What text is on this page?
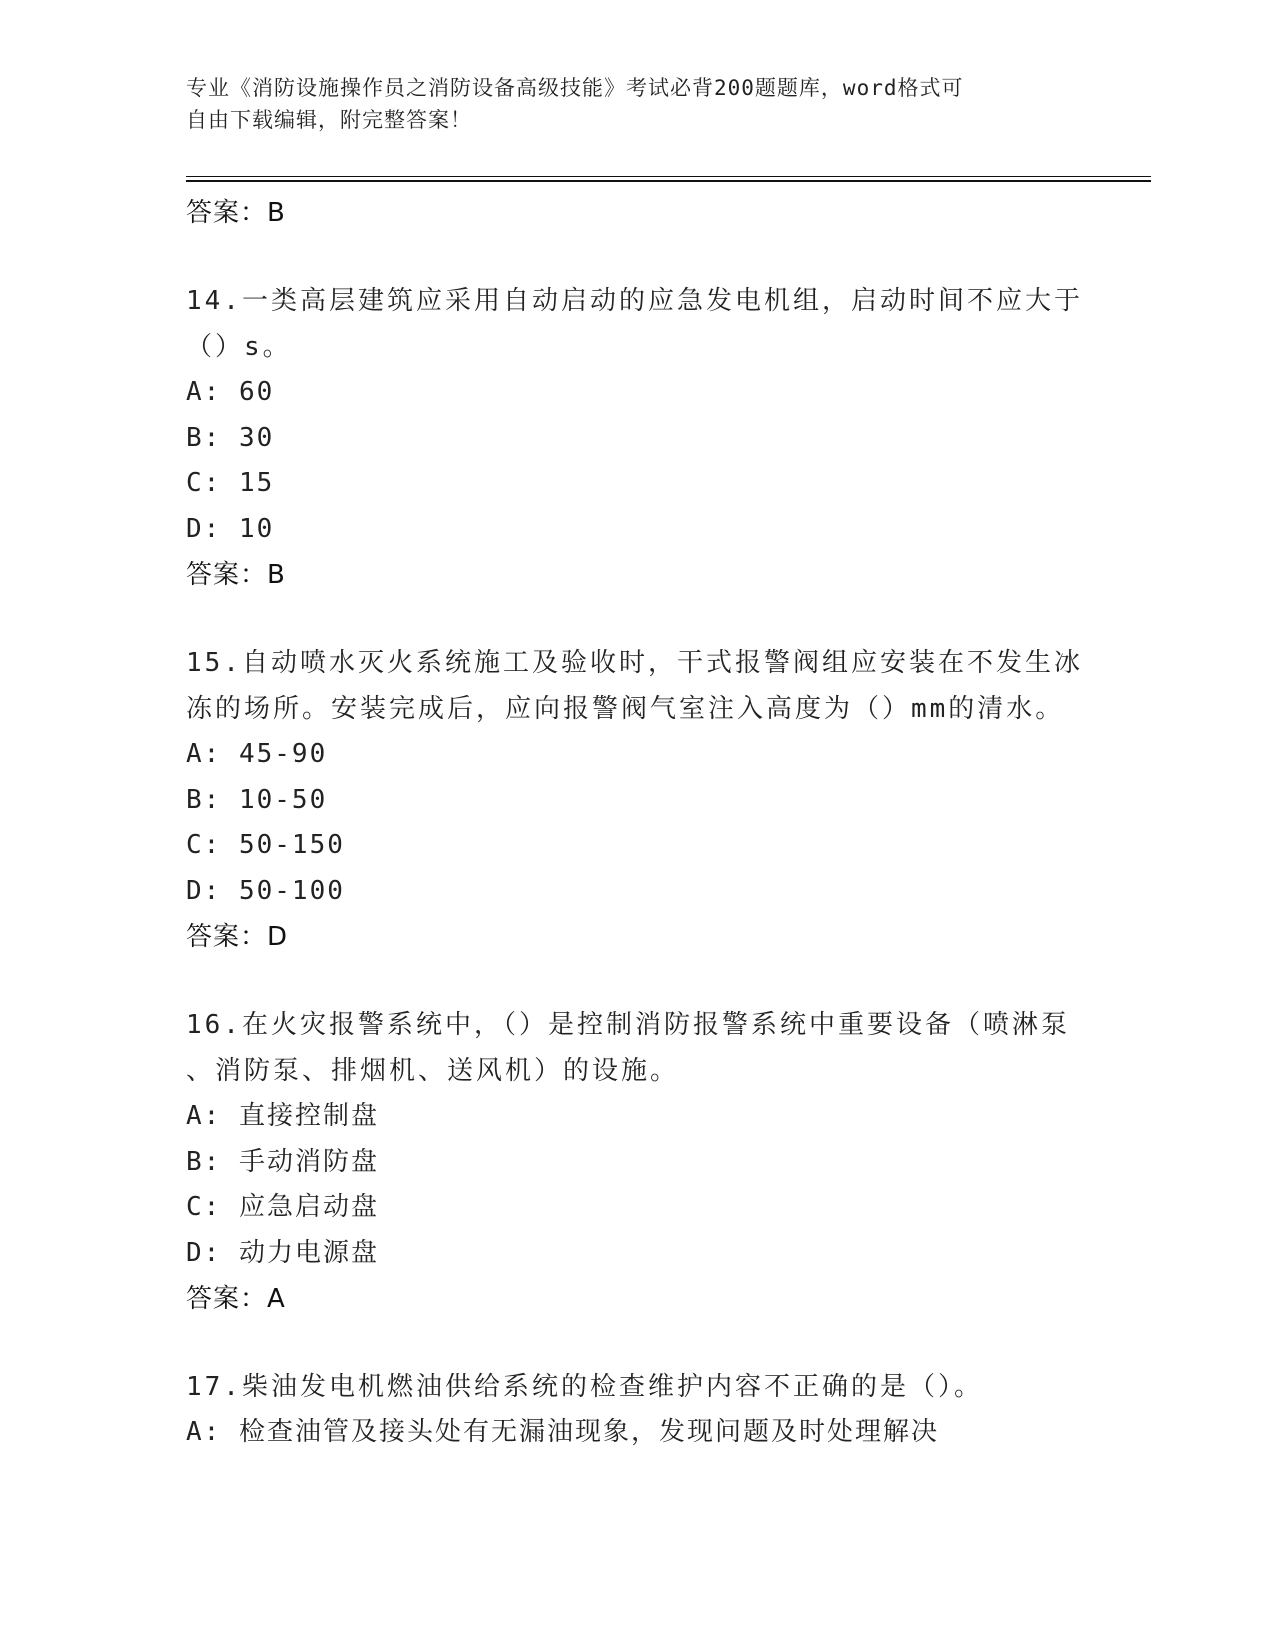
专业《消防设施操作员之消防设备高级技能》考试必背200题题库，word格式可
自由下载编辑，附完整答案！
答案：B
14.一类高层建筑应采用自动启动的应急发电机组，启动时间不应大于
（）s。
A: 60
B: 30
C: 15
D: 10
答案：B
15.自动喷水灭火系统施工及验收时，干式报警阀组应安装在不发生冰
冻的场所。安装完成后，应向报警阀气室注入高度为（）mm的清水。
A: 45-90
B: 10-50
C: 50-150
D: 50-100
答案：D
16.在火灾报警系统中，（）是控制消防报警系统中重要设备（喷淋泵
、消防泵、排烟机、送风机）的设施。
A: 直接控制盘
B: 手动消防盘
C: 应急启动盘
D: 动力电源盘
答案：A
17.柴油发电机燃油供给系统的检查维护内容不正确的是（）。
A: 检查油管及接头处有无漏油现象，发现问题及时处理解决
